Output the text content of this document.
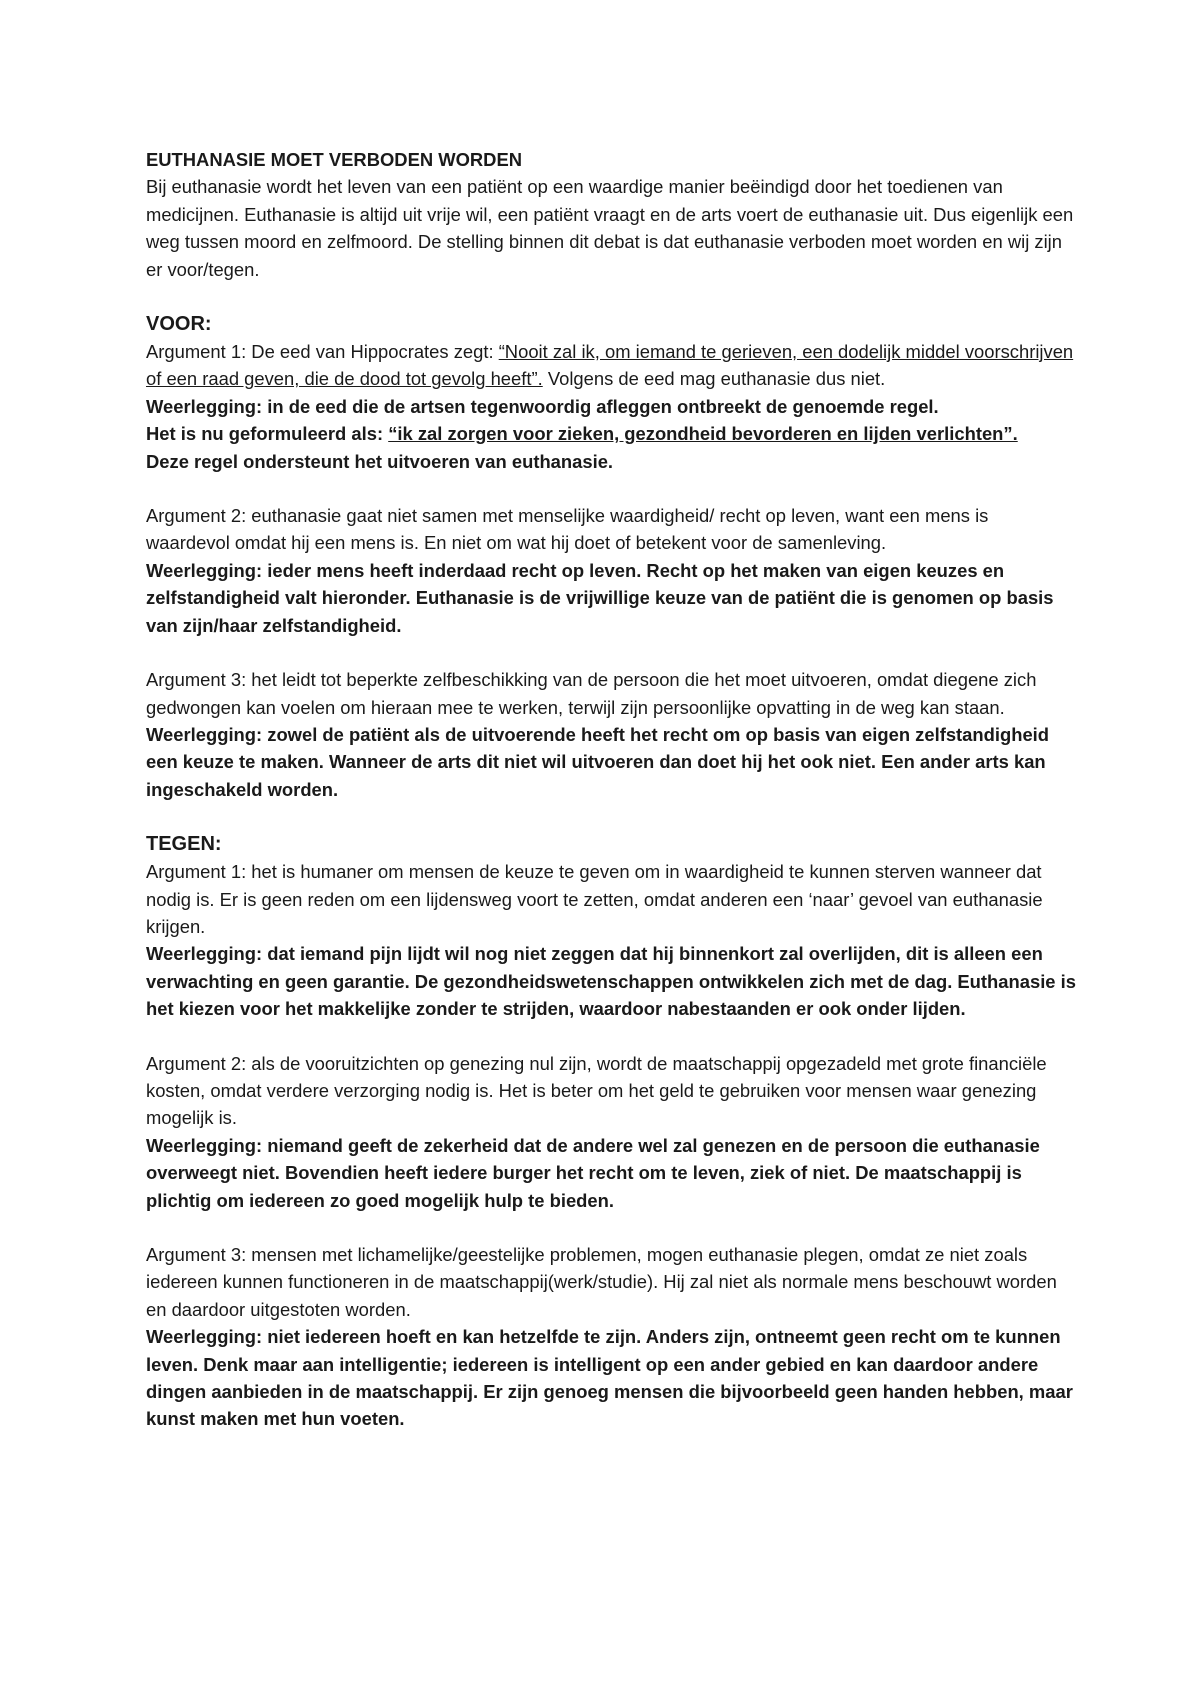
EUTHANASIE MOET VERBODEN WORDEN

Bij euthanasie wordt het leven van een patiënt op een waardige manier beëindigd door het toedienen van medicijnen. Euthanasie is altijd uit vrije wil, een patiënt vraagt en de arts voert de euthanasie uit. Dus eigenlijk een weg tussen moord en zelfmoord. De stelling binnen dit debat is dat euthanasie verboden moet worden en wij zijn er voor/tegen.

VOOR:

Argument 1: De eed van Hippocrates zegt: “Nooit zal ik, om iemand te gerieven, een dodelijk middel voorschrijven of een raad geven, die de dood tot gevolg heeft”. Volgens de eed mag euthanasie dus niet.

Weerlegging: in de eed die de artsen tegenwoordig afleggen ontbreekt de genoemde regel.

Het is nu geformuleerd als: “ik zal zorgen voor zieken, gezondheid bevorderen en lijden verlichten”.

Deze regel ondersteunt het uitvoeren van euthanasie.

Argument 2: euthanasie gaat niet samen met menselijke waardigheid/ recht op leven, want een mens is waardevol omdat hij een mens is. En niet om wat hij doet of betekent voor de samenleving.

Weerlegging: ieder mens heeft inderdaad recht op leven. Recht op het maken van eigen keuzes en zelfstandigheid valt hieronder. Euthanasie is de vrijwillige keuze van de patiënt die is genomen op basis van zijn/haar zelfstandigheid.

Argument 3: het leidt tot beperkte zelfbeschikking van de persoon die het moet uitvoeren, omdat diegene zich gedwongen kan voelen om hieraan mee te werken, terwijl zijn persoonlijke opvatting in de weg kan staan.

Weerlegging: zowel de patiënt als de uitvoerende heeft het recht om op basis van eigen zelfstandigheid een keuze te maken. Wanneer de arts dit niet wil uitvoeren dan doet hij het ook niet. Een ander arts kan ingeschakeld worden.

TEGEN:

Argument 1: het is humaner om mensen de keuze te geven om in waardigheid te kunnen sterven wanneer dat nodig is. Er is geen reden om een lijdensweg voort te zetten, omdat anderen een ‘naar’ gevoel van euthanasie krijgen.

Weerlegging: dat iemand pijn lijdt wil nog niet zeggen dat hij binnenkort zal overlijden, dit is alleen een verwachting en geen garantie. De gezondheidswetenschappen ontwikkelen zich met de dag. Euthanasie is het kiezen voor het makkelijke zonder te strijden, waardoor nabestaanden er ook onder lijden.

Argument 2: als de vooruitzichten op genezing nul zijn, wordt de maatschappij opgezadeld met grote financiële kosten, omdat verdere verzorging nodig is. Het is beter om het geld te gebruiken voor mensen waar genezing mogelijk is.

Weerlegging: niemand geeft de zekerheid dat de andere wel zal genezen en de persoon die euthanasie overweegt niet. Bovendien heeft iedere burger het recht om te leven, ziek of niet. De maatschappij is plichtig om iedereen zo goed mogelijk hulp te bieden.

Argument 3: mensen met lichamelijke/geestelijke problemen, mogen euthanasie plegen, omdat ze niet zoals iedereen kunnen functioneren in de maatschappij(werk/studie). Hij zal niet als normale mens beschouwt worden en daardoor uitgestoten worden.

Weerlegging: niet iedereen hoeft en kan hetzelfde te zijn. Anders zijn, ontneemt geen recht om te kunnen leven. Denk maar aan intelligentie; iedereen is intelligent op een ander gebied en kan daardoor andere dingen aanbieden in de maatschappij. Er zijn genoeg mensen die bijvoorbeeld geen handen hebben, maar kunst maken met hun voeten.
